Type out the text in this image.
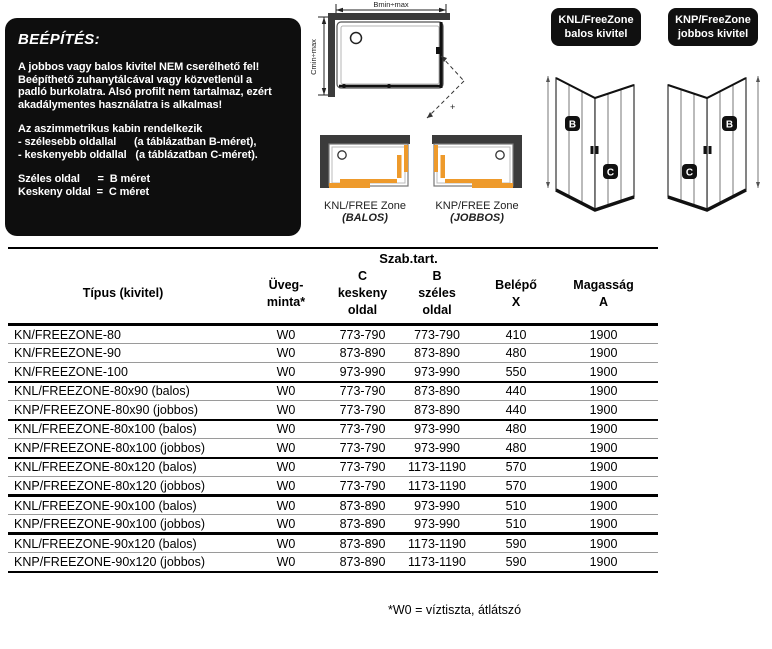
BEÉPÍTÉS:
A jobbos vagy balos kivitel NEM cserélhető fel!
Beépíthető zuhanytálcával vagy közvetlenül a
padló burkolatra. Alsó profilt nem tartalmaz, ezért
akadálymentes használatra is alkalmas!
Az aszimmetrikus kabin rendelkezik
- szélesebb oldallal      (a táblázatban B-méret),
- keskenyebb oldallal   (a táblázatban C-méret).
Széles oldal      =  B méret
Keskeny oldal  =  C méret
Bmin÷max
Cmin÷max
+
KNL/FREE Zone
(BALOS)
KNP/FREE Zone
(JOBBOS)
KNL/FreeZone
balos kivitel
KNP/FreeZone
jobbos kivitel
B
C
B
C
		Szab.tart.			

Típus (kivitel)

Üveg-
minta*

C
keskeny
oldal

B
széles
oldal

Belépő
X

Magasság
A

KN/FREEZONE-80	W0	773-790	773-790	410	1900
KN/FREEZONE-90	W0	873-890	873-890	480	1900
KN/FREEZONE-100	W0	973-990	973-990	550	1900
KNL/FREEZONE-80x90 (balos)	W0	773-790	873-890	440	1900
KNP/FREEZONE-80x90 (jobbos)	W0	773-790	873-890	440	1900
KNL/FREEZONE-80x100 (balos)	W0	773-790	973-990	480	1900
KNP/FREEZONE-80x100 (jobbos)	W0	773-790	973-990	480	1900
KNL/FREEZONE-80x120 (balos)	W0	773-790	1173-1190	570	1900
KNP/FREEZONE-80x120 (jobbos)	W0	773-790	1173-1190	570	1900
KNL/FREEZONE-90x100 (balos)	W0	873-890	973-990	510	1900
KNP/FREEZONE-90x100 (jobbos)	W0	873-890	973-990	510	1900
KNL/FREEZONE-90x120 (balos)	W0	873-890	1173-1190	590	1900
KNP/FREEZONE-90x120 (jobbos)	W0	873-890	1173-1190	590	1900
*W0 = víztiszta, átlátszó
